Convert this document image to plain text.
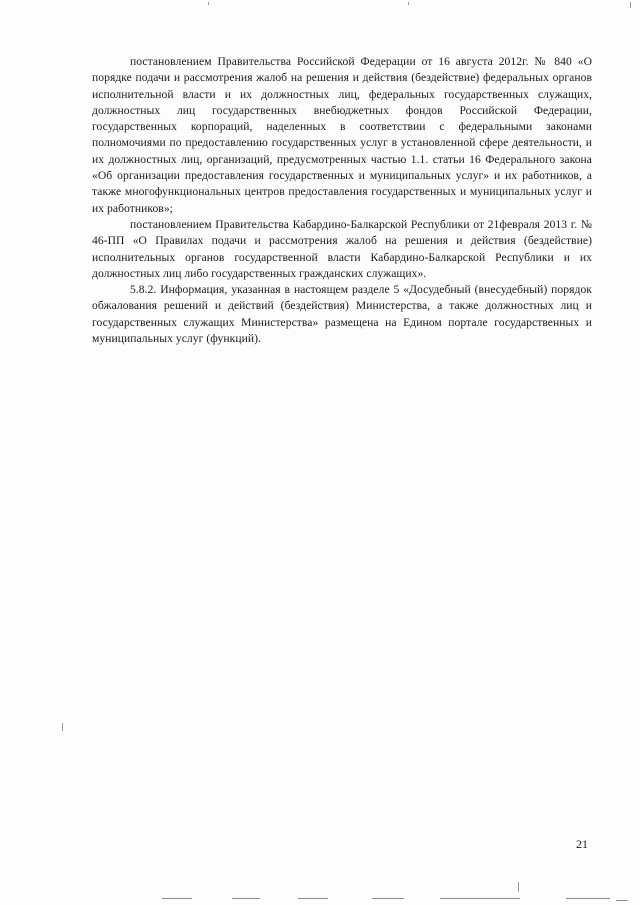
постановлением Правительства Российской Федерации от 16 августа 2012г. № 840 «О порядке подачи и рассмотрения жалоб на решения и действия (бездействие) федеральных органов исполнительной власти и их должностных лиц, федеральных государственных служащих, должностных лиц государственных внебюджетных фондов Российской Федерации, государственных корпораций, наделенных в соответствии с федеральными законами полномочиями по предоставлению государственных услуг в установленной сфере деятельности, и их должностных лиц, организаций, предусмотренных частью 1.1. статьи 16 Федерального закона «Об организации предоставления государственных и муниципальных услуг» и их работников, а также многофункциональных центров предоставления государственных и муниципальных услуг и их работников»;

постановлением Правительства Кабардино-Балкарской Республики от 21февраля 2013 г. № 46-ПП «О Правилах подачи и рассмотрения жалоб на решения и действия (бездействие) исполнительных органов государственной власти Кабардино-Балкарской Республики и их должностных лиц либо государственных гражданских служащих».

5.8.2. Информация, указанная в настоящем разделе 5 «Досудебный (внесудебный) порядок обжалования решений и действий (бездействия) Министерства, а также должностных лиц и государственных служащих Министерства» размещена на Едином портале государственных и муниципальных услуг (функций).

21
